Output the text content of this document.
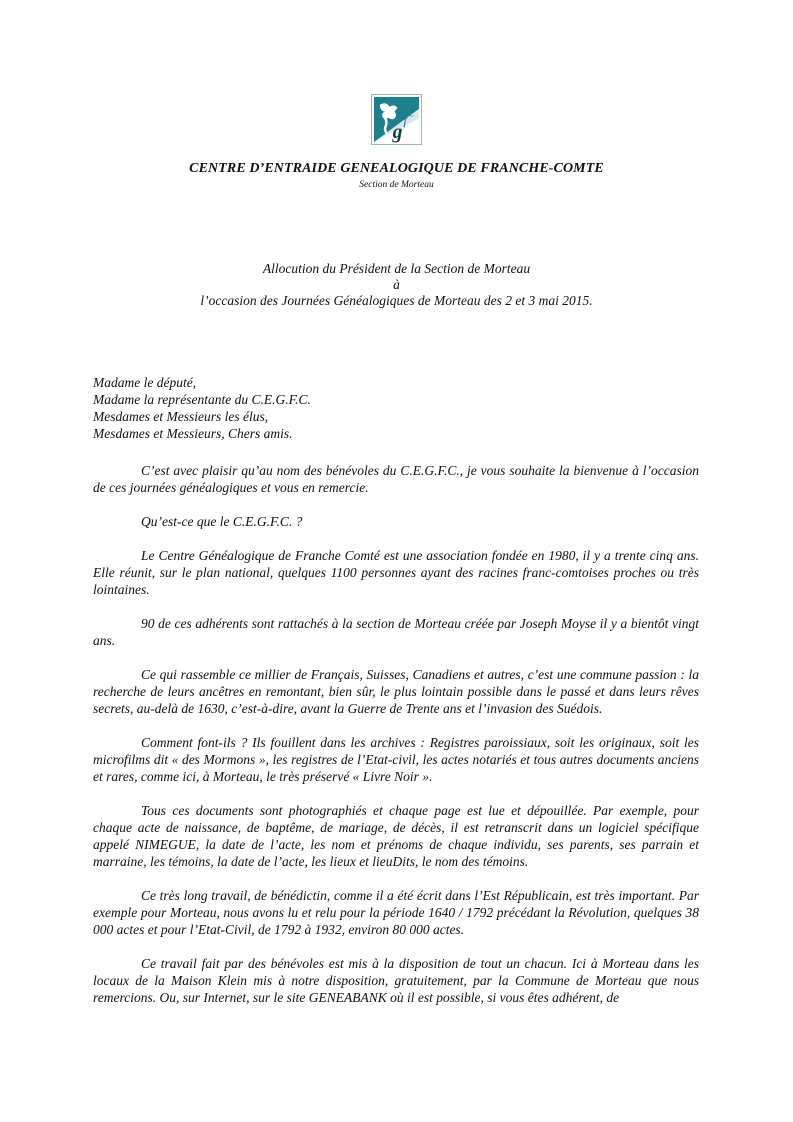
g
f c
CENTRE D’ENTRAIDE GENEALOGIQUE DE FRANCHE-COMTE
Section de Morteau
Allocution du Président de la Section de Morteau
à
l’occasion des Journées Généalogiques de Morteau des 2 et 3 mai 2015.
Madame le député,
Madame la représentante du C.E.G.F.C.
Mesdames et Messieurs les élus,
Mesdames et Messieurs, Chers amis.

C’est avec plaisir qu’au nom des bénévoles du C.E.G.F.C., je vous souhaite la bienvenue à l’occasion de ces journées généalogiques et vous en remercie.

Qu’est-ce que le C.E.G.F.C. ?

Le Centre Généalogique de Franche Comté est une association fondée en 1980, il y a trente cinq ans. Elle réunit, sur le plan national, quelques 1100 personnes ayant des racines franc-comtoises proches ou très lointaines.

90 de ces adhérents sont rattachés à la section de Morteau créée par Joseph Moyse il y a bientôt vingt ans.

Ce qui rassemble ce millier de Français, Suisses, Canadiens et autres, c’est une commune passion : la recherche de leurs ancêtres en remontant, bien sûr, le plus lointain possible dans le passé et dans leurs rêves secrets, au-delà de 1630, c’est-à-dire, avant la Guerre de Trente ans et l’invasion des Suédois.

Comment font-ils ? Ils fouillent dans les archives : Registres paroissiaux, soit les originaux, soit les microfilms dit « des Mormons », les registres de l’Etat-civil, les actes notariés et tous autres documents anciens et rares, comme ici, à Morteau, le très préservé « Livre Noir ».

Tous ces documents sont photographiés et chaque page est lue et dépouillée. Par exemple, pour chaque acte de naissance, de baptême, de mariage, de décès, il est retranscrit dans un logiciel spécifique appelé NIMEGUE, la date de l’acte, les nom et prénoms de chaque individu, ses parents, ses parrain et marraine, les témoins, la date de l’acte, les lieux et lieuDits, le nom des témoins.

Ce très long travail, de bénédictin, comme il a été écrit dans l’Est Républicain, est très important. Par exemple pour Morteau, nous avons lu et relu pour la période 1640 / 1792 précédant la Révolution, quelques 38 000 actes et pour l’Etat-Civil, de 1792 à 1932, environ 80 000 actes.

Ce travail fait par des bénévoles est mis à la disposition de tout un chacun. Ici à Morteau dans les locaux de la Maison Klein mis à notre disposition, gratuitement, par la Commune de Morteau que nous remercions. Ou, sur Internet, sur le site GENEABANK où il est possible, si vous êtes adhérent, de
